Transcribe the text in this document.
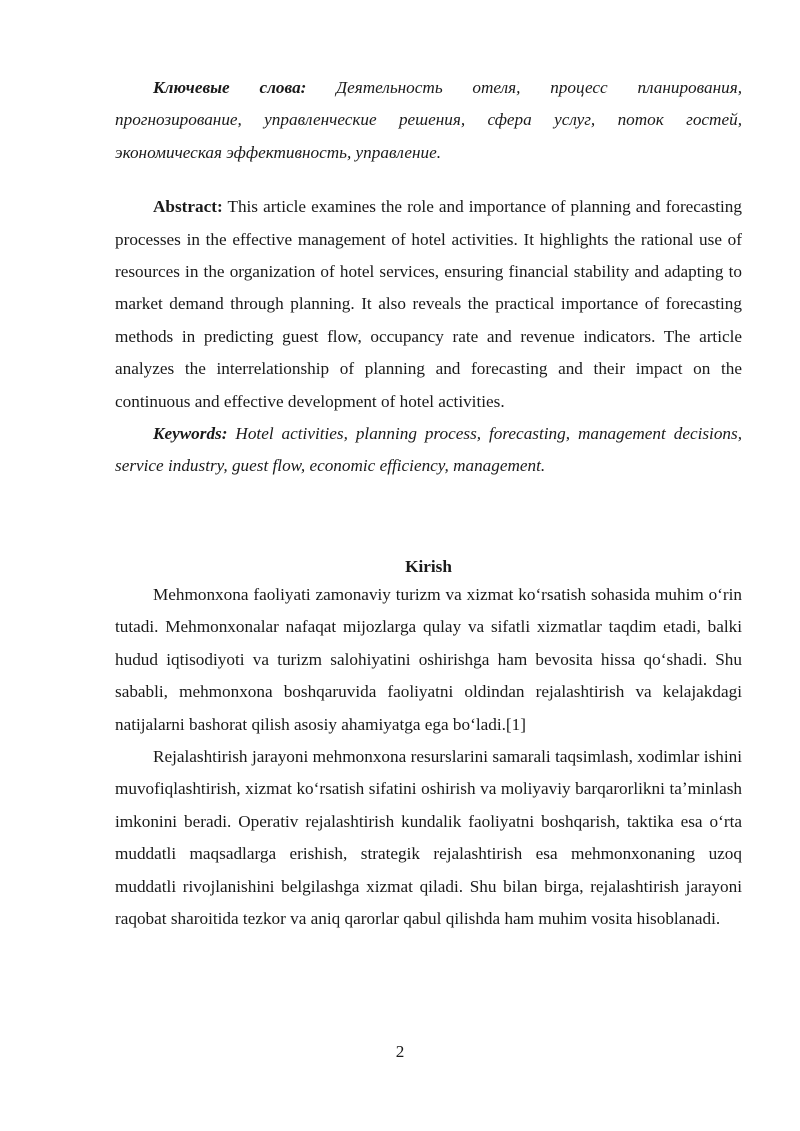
Ключевые слова: Деятельность отеля, процесс планирования, прогнозирование, управленческие решения, сфера услуг, поток гостей, экономическая эффективность, управление.

Abstract: This article examines the role and importance of planning and forecasting processes in the effective management of hotel activities. It highlights the rational use of resources in the organization of hotel services, ensuring financial stability and adapting to market demand through planning. It also reveals the practical importance of forecasting methods in predicting guest flow, occupancy rate and revenue indicators. The article analyzes the interrelationship of planning and forecasting and their impact on the continuous and effective development of hotel activities.

Keywords: Hotel activities, planning process, forecasting, management decisions, service industry, guest flow, economic efficiency, management.

Kirish

Mehmonxona faoliyati zamonaviy turizm va xizmat koʻrsatish sohasida muhim oʻrin tutadi. Mehmonxonalar nafaqat mijozlarga qulay va sifatli xizmatlar taqdim etadi, balki hudud iqtisodiyoti va turizm salohiyatini oshirishga ham bevosita hissa qoʻshadi. Shu sababli, mehmonxona boshqaruvida faoliyatni oldindan rejalashtirish va kelajakdagi natijalarni bashorat qilish asosiy ahamiyatga ega boʻladi.[1]

Rejalashtirish jarayoni mehmonxona resurslarini samarali taqsimlash, xodimlar ishini muvofiqlashtirish, xizmat koʻrsatish sifatini oshirish va moliyaviy barqarorlikni taʼminlash imkonini beradi. Operativ rejalashtirish kundalik faoliyatni boshqarish, taktika esa oʻrta muddatli maqsadlarga erishish, strategik rejalashtirish esa mehmonxonaning uzoq muddatli rivojlanishini belgilashga xizmat qiladi. Shu bilan birga, rejalashtirish jarayoni raqobat sharoitida tezkor va aniq qarorlar qabul qilishda ham muhim vosita hisoblanadi.

2
